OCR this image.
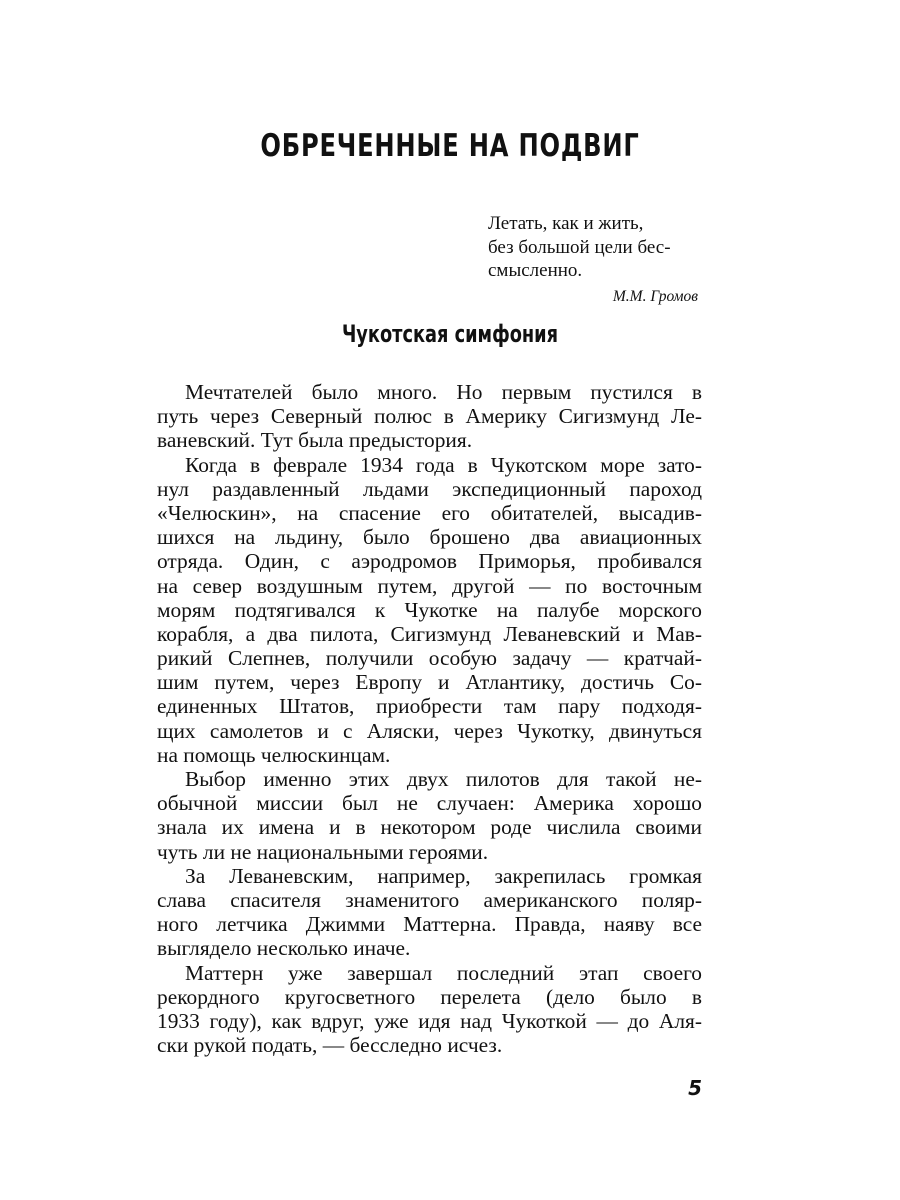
ОБРЕЧЕННЫЕ НА ПОДВИГ
Летать, как и жить,
без большой цели бес-
смысленно.
М.М. Громов
Чукотская симфония

Мечтателей было много. Но первым пустился в
путь через Северный полюс в Америку Сигизмунд Ле-
ваневский. Тут была предыстория.

Когда в феврале 1934 года в Чукотском море зато-
нул раздавленный льдами экспедиционный пароход
«Челюскин», на спасение его обитателей, высадив-
шихся на льдину, было брошено два авиационных
отряда. Один, с аэродромов Приморья, пробивался
на север воздушным путем, другой — по восточным
морям подтягивался к Чукотке на палубе морского
корабля, а два пилота, Сигизмунд Леваневский и Мав-
рикий Слепнев, получили особую задачу — кратчай-
шим путем, через Европу и Атлантику, достичь Со-
единенных Штатов, приобрести там пару подходя-
щих самолетов и с Аляски, через Чукотку, двинуться
на помощь челюскинцам.

Выбор именно этих двух пилотов для такой не-
обычной миссии был не случаен: Америка хорошо
знала их имена и в некотором роде числила своими
чуть ли не национальными героями.

За Леваневским, например, закрепилась громкая
слава спасителя знаменитого американского поляр-
ного летчика Джимми Маттерна. Правда, наяву все
выглядело несколько иначе.

Маттерн уже завершал последний этап своего
рекордного кругосветного перелета (дело было в
1933 году), как вдруг, уже идя над Чукоткой — до Аля-
ски рукой подать, — бесследно исчез.

5
